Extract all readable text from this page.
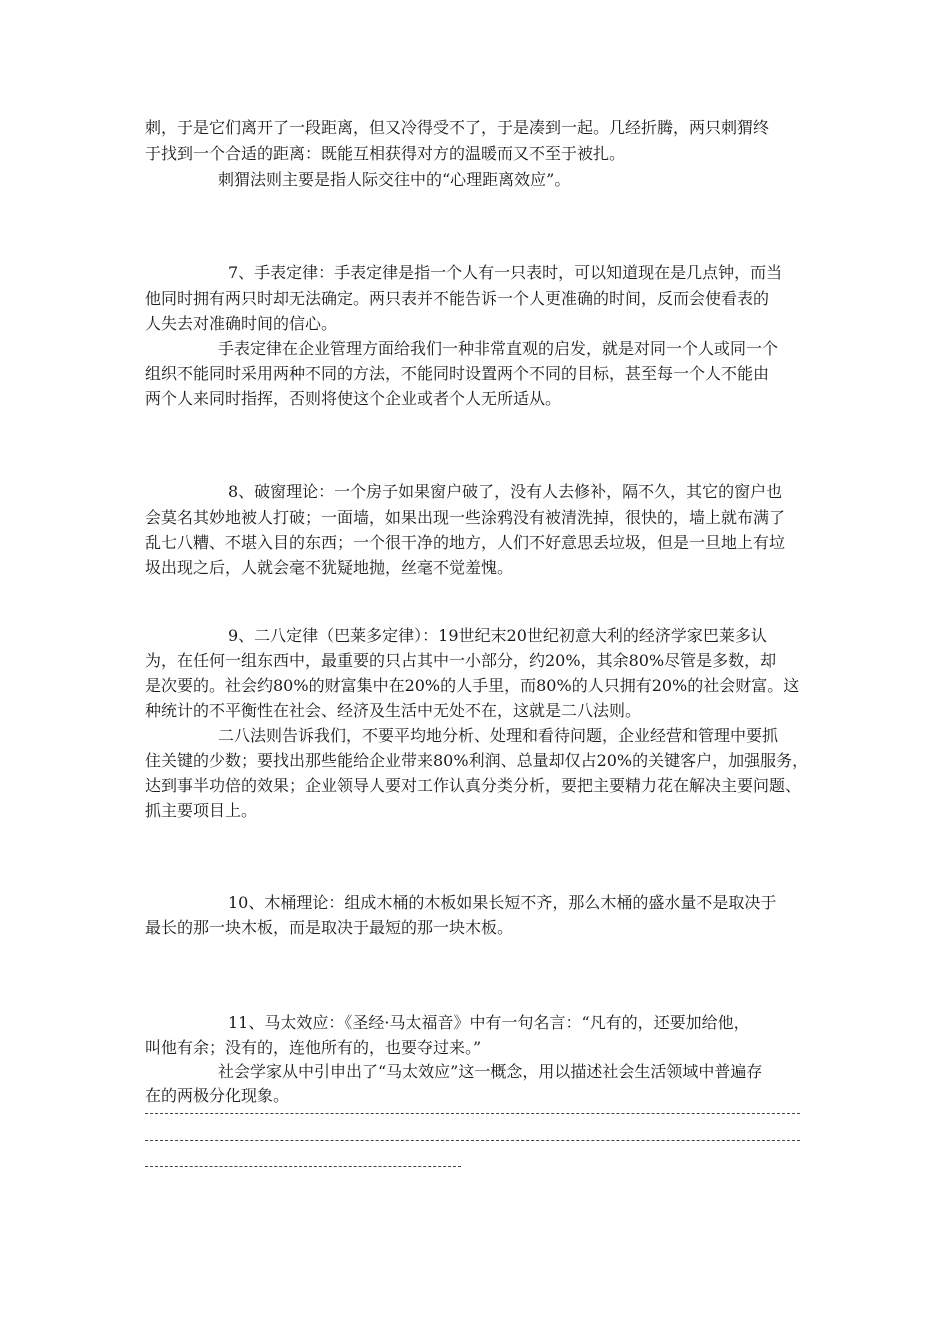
刺，于是它们离开了一段距离，但又冷得受不了，于是凑到一起。几经折腾，两只刺猬终
于找到一个合适的距离：既能互相获得对方的温暖而又不至于被扎。
刺猬法则主要是指人际交往中的“心理距离效应”。
7、手表定律：手表定律是指一个人有一只表时，可以知道现在是几点钟，而当
他同时拥有两只时却无法确定。两只表并不能告诉一个人更准确的时间，反而会使看表的
人失去对准确时间的信心。
手表定律在企业管理方面给我们一种非常直观的启发，就是对同一个人或同一个
组织不能同时采用两种不同的方法，不能同时设置两个不同的目标，甚至每一个人不能由
两个人来同时指挥，否则将使这个企业或者个人无所适从。
8、破窗理论：一个房子如果窗户破了，没有人去修补，隔不久，其它的窗户也
会莫名其妙地被人打破；一面墙，如果出现一些涂鸦没有被清洗掉，很快的，墙上就布满了
乱七八糟、不堪入目的东西；一个很干净的地方，人们不好意思丢垃圾，但是一旦地上有垃
圾出现之后，人就会毫不犹疑地抛，丝毫不觉羞愧。
9、二八定律（巴莱多定律）：19世纪末20世纪初意大利的经济学家巴莱多认
为，在任何一组东西中，最重要的只占其中一小部分，约20%，其余80%尽管是多数，却
是次要的。社会约80%的财富集中在20%的人手里，而80%的人只拥有20%的社会财富。这
种统计的不平衡性在社会、经济及生活中无处不在，这就是二八法则。
二八法则告诉我们，不要平均地分析、处理和看待问题，企业经营和管理中要抓
住关键的少数；要找出那些能给企业带来80%利润、总量却仅占20%的关键客户，加强服务，
达到事半功倍的效果；企业领导人要对工作认真分类分析，要把主要精力花在解决主要问题、
抓主要项目上。
10、木桶理论：组成木桶的木板如果长短不齐，那么木桶的盛水量不是取决于
最长的那一块木板，而是取决于最短的那一块木板。
11、马太效应：《圣经·马太福音》中有一句名言：“凡有的，还要加给他，
叫他有余；没有的，连他所有的，也要夺过来。”
社会学家从中引申出了“马太效应”这一概念，用以描述社会生活领域中普遍存
在的两极分化现象。
